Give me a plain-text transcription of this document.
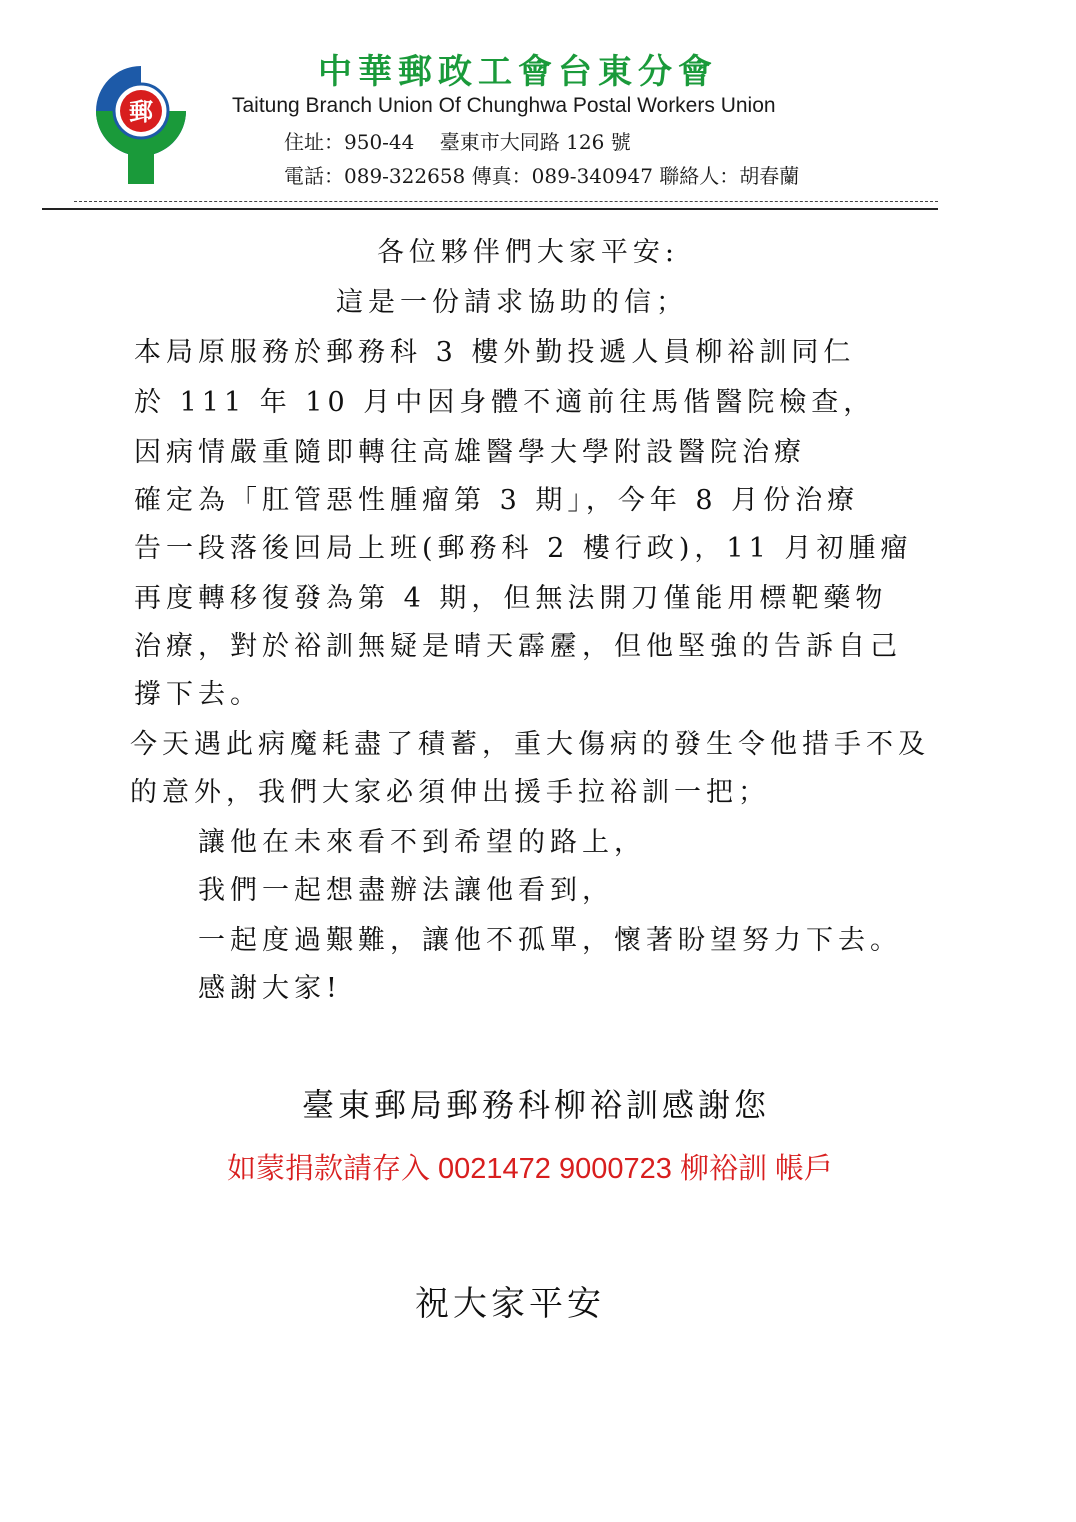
郵
中華郵政工會台東分會
Taitung Branch Union Of Chunghwa Postal Workers Union
住址：950-44    臺東市大同路 126 號
電話：089-322658 傳真：089-340947 聯絡人：胡春蘭
各位夥伴們大家平安:
這是一份請求協助的信；
本局原服務於郵務科 3 樓外勤投遞人員柳裕訓同仁
於 111 年 10 月中因身體不適前往馬偕醫院檢查，
因病情嚴重隨即轉往高雄醫學大學附設醫院治療
確定為「肛管惡性腫瘤第 3 期」，今年 8 月份治療
告一段落後回局上班(郵務科 2 樓行政)，11 月初腫瘤
再度轉移復發為第 4 期，但無法開刀僅能用標靶藥物
治療，對於裕訓無疑是晴天霹靂，但他堅強的告訴自己
撐下去。
今天遇此病魔耗盡了積蓄，重大傷病的發生令他措手不及
的意外，我們大家必須伸出援手拉裕訓一把；
讓他在未來看不到希望的路上，
我們一起想盡辦法讓他看到，
一起度過艱難，讓他不孤單，懷著盼望努力下去。
感謝大家!
臺東郵局郵務科柳裕訓感謝您
如蒙捐款請存入 0021472 9000723 柳裕訓 帳戶
祝大家平安
